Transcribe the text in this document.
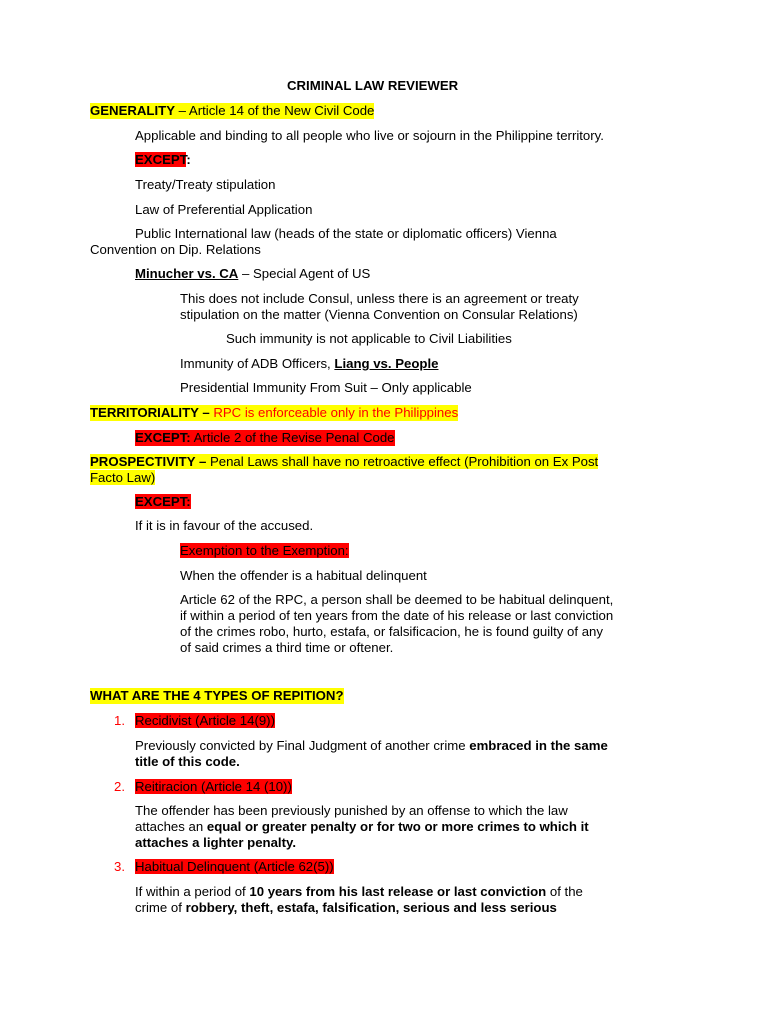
CRIMINAL LAW REVIEWER
GENERALITY – Article 14 of the New Civil Code
Applicable and binding to all people who live or sojourn in the Philippine territory.
EXCEPT:
Treaty/Treaty stipulation
Law of Preferential Application
Public International law (heads of the state or diplomatic officers) Vienna
Convention on Dip. Relations
Minucher vs. CA – Special Agent of US
This does not include Consul, unless there is an agreement or treaty
stipulation on the matter (Vienna Convention on Consular Relations)
Such immunity is not applicable to Civil Liabilities
Immunity of ADB Officers, Liang vs. People
Presidential Immunity From Suit – Only applicable
TERRITORIALITY – RPC is enforceable only in the Philippines
EXCEPT: Article 2 of the Revise Penal Code
PROSPECTIVITY – Penal Laws shall have no retroactive effect (Prohibition on Ex Post
Facto Law)
EXCEPT:
If it is in favour of the accused.
Exemption to the Exemption:
When the offender is a habitual delinquent
Article 62 of the RPC, a person shall be deemed to be habitual delinquent,
if within a period of ten years from the date of his release or last conviction
of the crimes robo, hurto, estafa, or falsificacion, he is found guilty of any
of said crimes a third time or oftener.
WHAT ARE THE 4 TYPES OF REPITION?
1. Recidivist (Article 14(9))
Previously convicted by Final Judgment of another crime embraced in the same
title of this code.
2. Reitiracion (Article 14 (10))
The offender has been previously punished by an offense to which the law
attaches an equal or greater penalty or for two or more crimes to which it
attaches a lighter penalty.
3. Habitual Delinquent (Article 62(5))
If within a period of 10 years from his last release or last conviction of the
crime of robbery, theft, estafa, falsification, serious and less serious
